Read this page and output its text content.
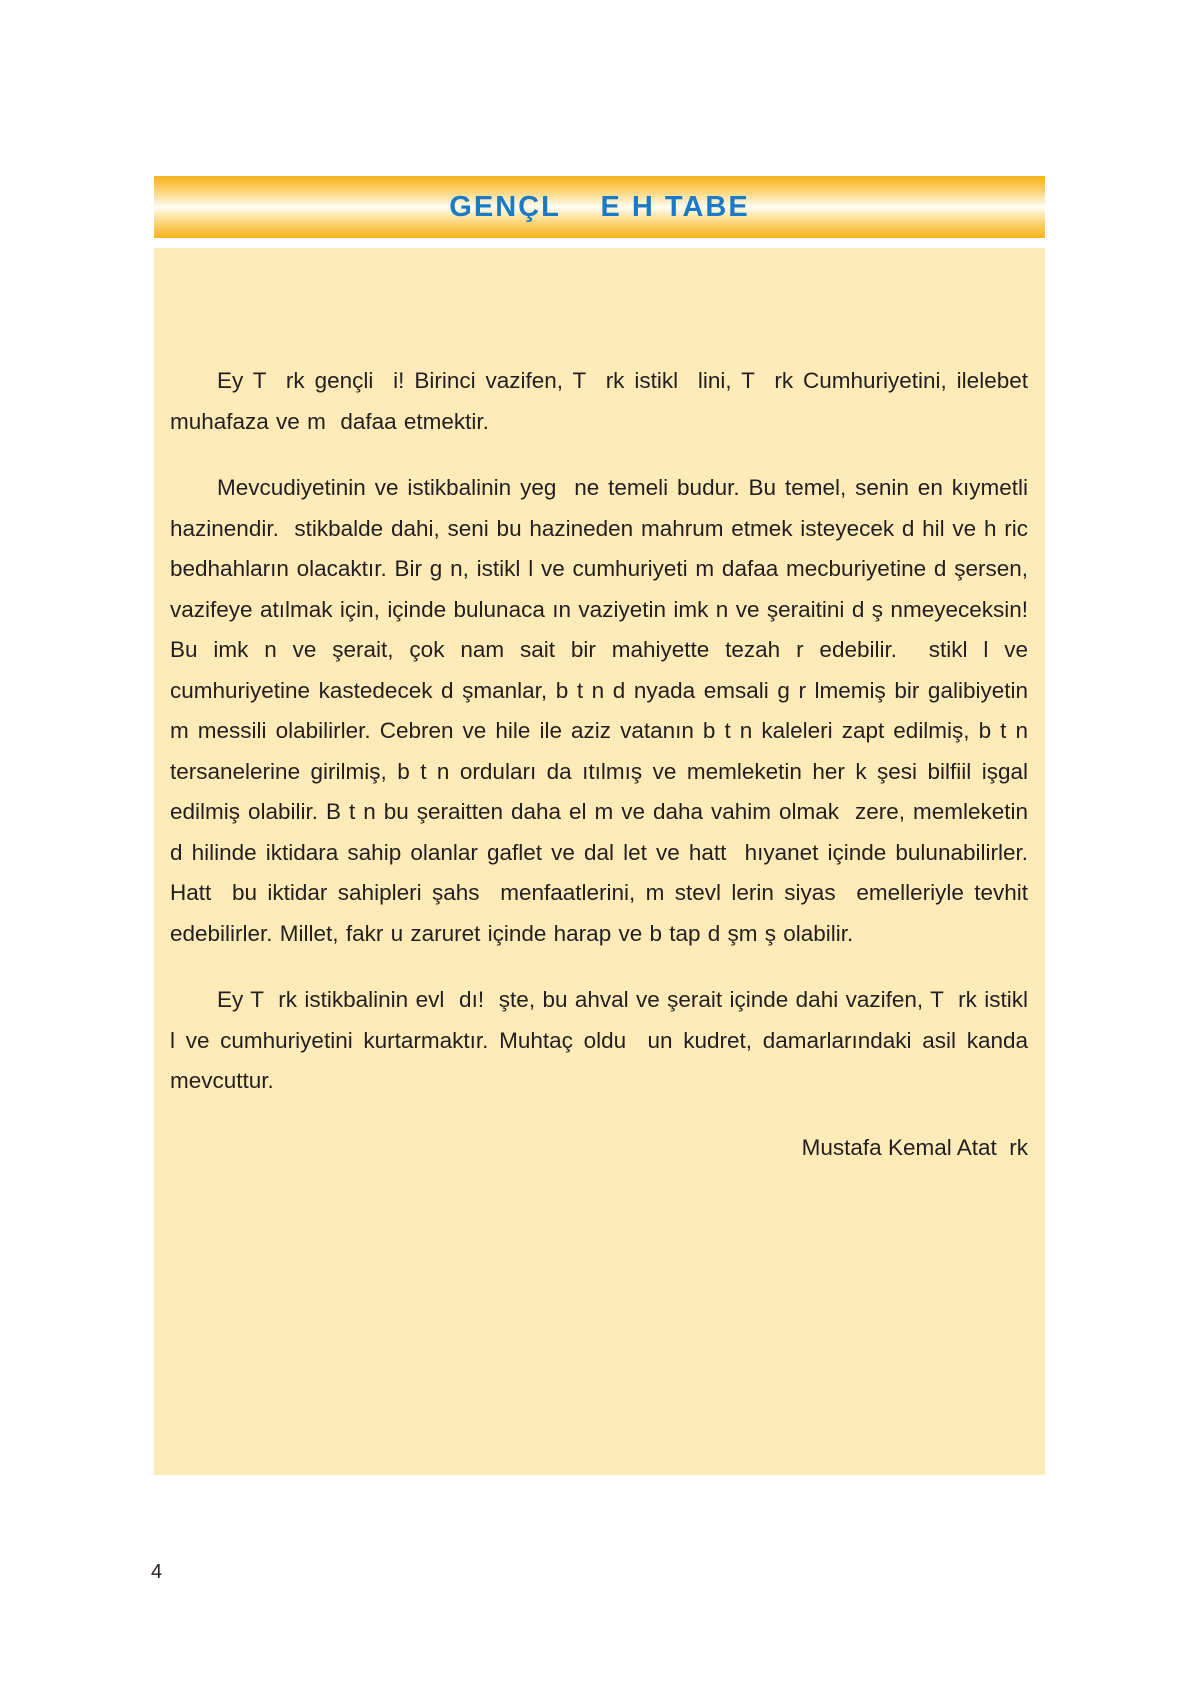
GENÇL    E H TABE

Ey T  rk gençli  i! Birinci vazifen, T  rk istikl  lini, T  rk Cumhuriyetini, ilelebet muhafaza ve m  dafaa etmektir.

Mevcudiyetinin ve istikbalinin yeg  ne temeli budur. Bu temel, senin en kıymetli hazinendir.  stikbalde dahi, seni bu hazineden mahrum etmek isteyecek d hil ve h ric bedhahların olacaktır. Bir g n, istikl l ve cumhuriyeti m dafaa mecburiyetine d şersen, vazifeye atılmak için, içinde bulunaca ın vaziyetin imk n ve şeraitini d ş nmeyeceksin! Bu imk n ve şerait, çok nam sait bir mahiyette tezah r edebilir.  stikl l ve cumhuriyetine kastedecek d şmanlar, b t n d nyada emsali g r lmemiş bir galibiyetin m messili olabilirler. Cebren ve hile ile aziz vatanın b t n kaleleri zapt edilmiş, b t n tersanelerine girilmiş, b t n orduları da ıtılmış ve memleketin her k şesi bilfiil işgal edilmiş olabilir. B t n bu şeraitten daha el m ve daha vahim olmak  zere, memleketin d hilinde iktidara sahip olanlar gaflet ve dal let ve hatt  hıyanet içinde bulunabilirler. Hatt  bu iktidar sahipleri şahs  menfaatlerini, m stevl lerin siyas  emelleriyle tevhit edebilirler. Millet, fakr u zaruret içinde harap ve b tap d şm ş olabilir.

Ey T  rk istikbalinin evl  dı!  şte, bu ahval ve şerait içinde dahi vazifen, T  rk istikl  l ve cumhuriyetini kurtarmaktır. Muhtaç oldu  un kudret, damarlarındaki asil kanda mevcuttur.

Mustafa Kemal Atat  rk

4
